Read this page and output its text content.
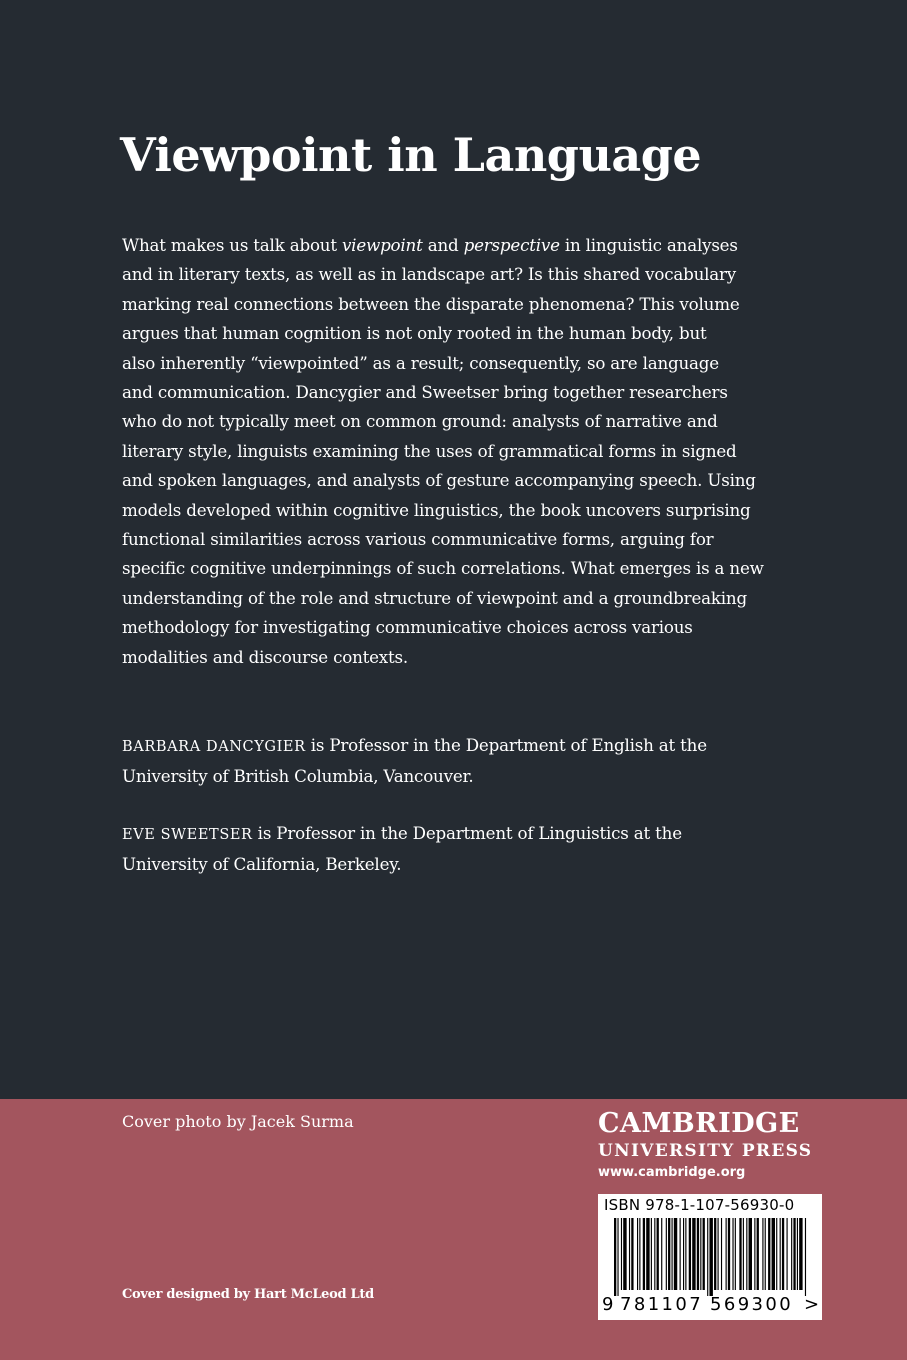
Viewpoint in Language

What makes us talk about viewpoint and perspective in linguistic analyses
and in literary texts, as well as in landscape art? Is this shared vocabulary
marking real connections between the disparate phenomena? This volume
argues that human cognition is not only rooted in the human body, but
also inherently “viewpointed” as a result; consequently, so are language
and communication. Dancygier and Sweetser bring together researchers
who do not typically meet on common ground: analysts of narrative and
literary style, linguists examining the uses of grammatical forms in signed
and spoken languages, and analysts of gesture accompanying speech. Using
models developed within cognitive linguistics, the book uncovers surprising
functional similarities across various communicative forms, arguing for
specific cognitive underpinnings of such correlations. What emerges is a new
understanding of the role and structure of viewpoint and a groundbreaking
methodology for investigating communicative choices across various
modalities and discourse contexts.

BARBARA DANCYGIER is Professor in the Department of English at the
University of British Columbia, Vancouver.

EVE SWEETSER is Professor in the Department of Linguistics at the
University of California, Berkeley.

Cover photo by Jacek Surma
Cover designed by Hart McLeod Ltd
CAMBRIDGE
UNIVERSITY PRESS
www.cambridge.org
ISBN 978-1-107-56930-0
9 781107 569300 >
